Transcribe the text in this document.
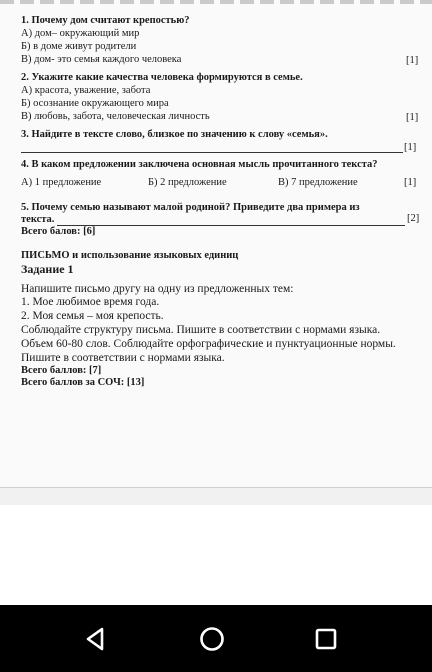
1. Почему дом считают крепостью?
А) дом– окружающий мир
Б) в доме живут родители
В) дом- это семья каждого человека	[1]
2. Укажите какие качества человека формируются в семье.
А) красота, уважение, забота
Б) осознание окружающего мира
В) любовь, забота, человеческая личность	[1]
3. Найдите в тексте слово, близкое по значению к слову «семья».
[1]
4. В каком предложении заключена основная мысль прочитанного текста?
А) 1 предложение	Б) 2 предложение	В) 7 предложение	[1]
5. Почему семью называют малой родиной? Приведите два примера из
текста.	[2]
Всего балов: [6]
ПИСЬМО и использование языковых единиц
Задание 1
Напишите письмо другу на одну из предложенных тем:
1. Мое любимое время года.
2. Моя семья – моя крепость.
Соблюдайте структуру письма. Пишите в соответствии с нормами языка.
Объем 60-80 слов. Соблюдайте орфографические и пунктуационные нормы.
Пишите в соответствии с нормами языка.
Всего баллов: [7]
Всего баллов за СОЧ: [13]
